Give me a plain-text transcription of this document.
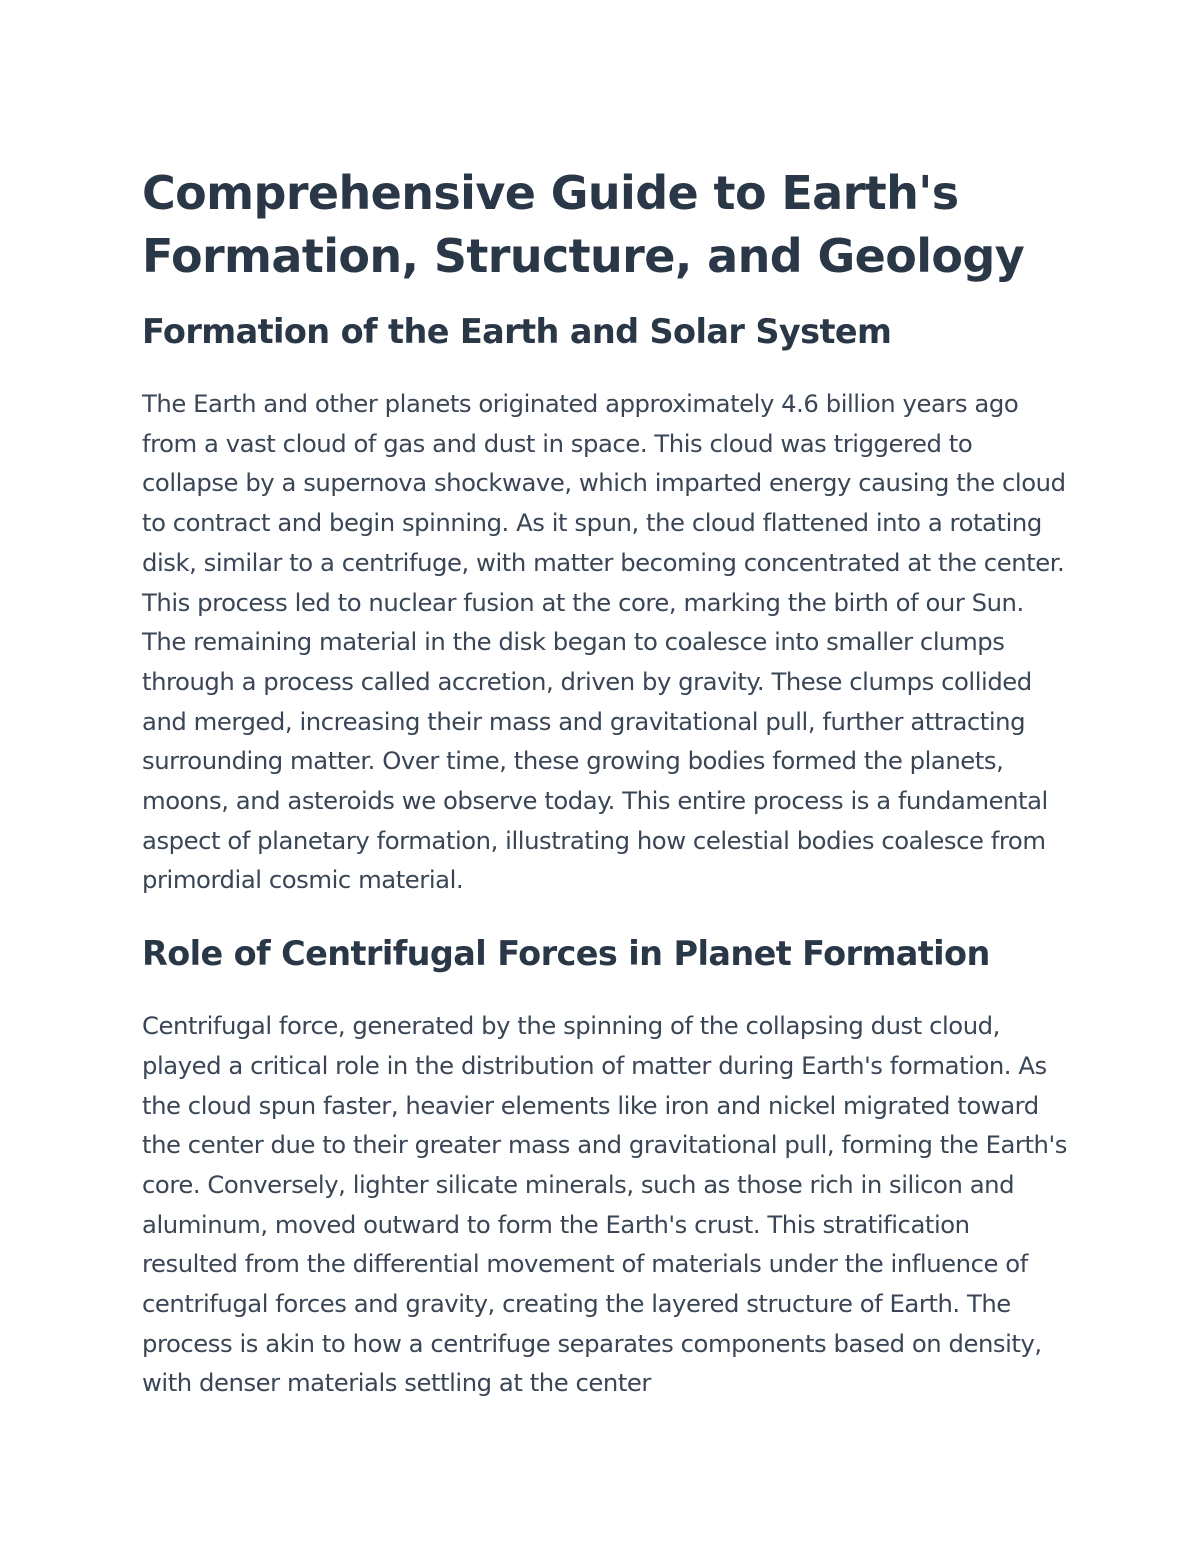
Comprehensive Guide to Earth's Formation, Structure, and Geology
Formation of the Earth and Solar System

The Earth and other planets originated approximately 4.6 billion years ago from a vast cloud of gas and dust in space. This cloud was triggered to collapse by a supernova shockwave, which imparted energy causing the cloud to contract and begin spinning. As it spun, the cloud flattened into a rotating disk, similar to a centrifuge, with matter becoming concentrated at the center. This process led to nuclear fusion at the core, marking the birth of our Sun. The remaining material in the disk began to coalesce into smaller clumps through a process called accretion, driven by gravity. These clumps collided and merged, increasing their mass and gravitational pull, further attracting surrounding matter. Over time, these growing bodies formed the planets, moons, and asteroids we observe today. This entire process is a fundamental aspect of planetary formation, illustrating how celestial bodies coalesce from primordial cosmic material.

Role of Centrifugal Forces in Planet Formation

Centrifugal force, generated by the spinning of the collapsing dust cloud, played a critical role in the distribution of matter during Earth's formation. As the cloud spun faster, heavier elements like iron and nickel migrated toward the center due to their greater mass and gravitational pull, forming the Earth's core. Conversely, lighter silicate minerals, such as those rich in silicon and aluminum, moved outward to form the Earth's crust. This stratification resulted from the differential movement of materials under the influence of centrifugal forces and gravity, creating the layered structure of Earth. The process is akin to how a centrifuge separates components based on density, with denser materials settling at the center
